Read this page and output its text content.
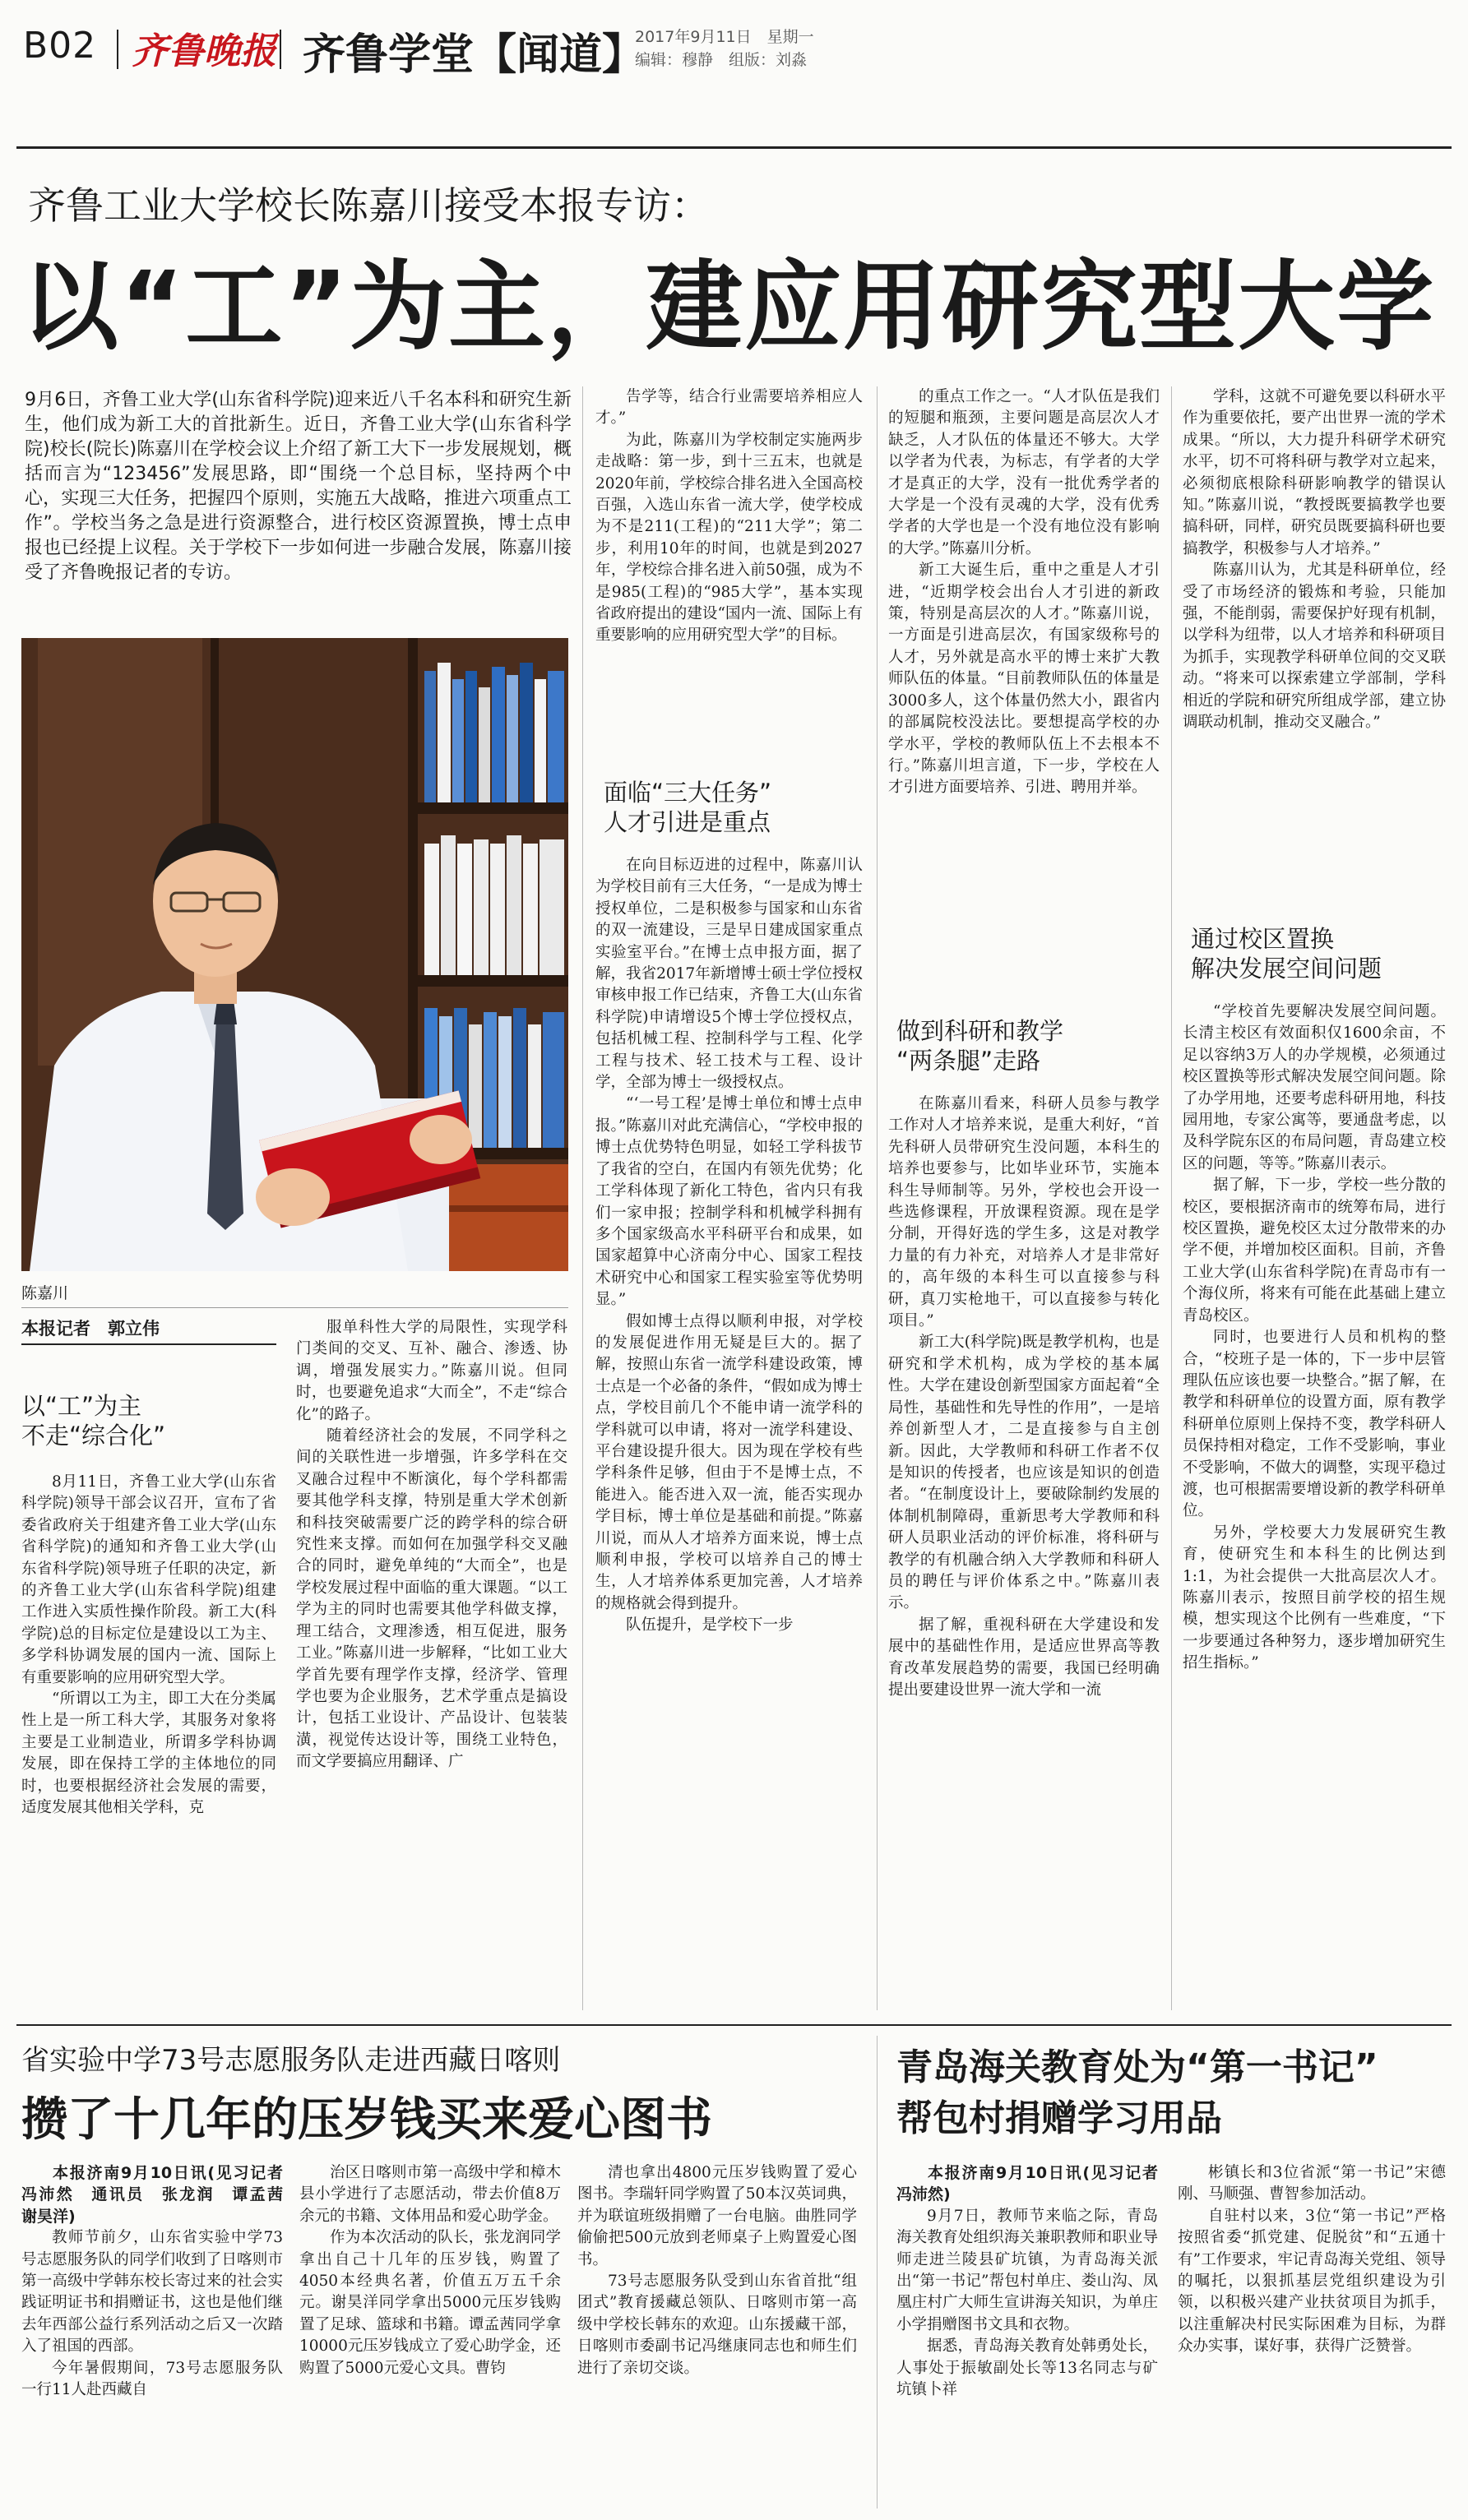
B02 齐鲁晚报 齐鲁学堂【闻道】
2017年9月11日　星期一
编辑：穆静　组版：刘淼
齐鲁工业大学校长陈嘉川接受本报专访：
以“工”为主，建应用研究型大学
9月6日，齐鲁工业大学(山东省科学院)迎来近八千名本科和研究生新生，他们成为新工大的首批新生。近日，齐鲁工业大学(山东省科学院)校长(院长)陈嘉川在学校会议上介绍了新工大下一步发展规划，概括而言为“123456”发展思路，即“围绕一个总目标，坚持两个中心，实现三大任务，把握四个原则，实施五大战略，推进六项重点工作”。学校当务之急是进行资源整合，进行校区资源置换，博士点申报也已经提上议程。关于学校下一步如何进一步融合发展，陈嘉川接受了齐鲁晚报记者的专访。
陈嘉川
本报记者　郭立伟
以“工”为主
不走“综合化”

8月11日，齐鲁工业大学(山东省科学院)领导干部会议召开，宣布了省委省政府关于组建齐鲁工业大学(山东省科学院)的通知和齐鲁工业大学(山东省科学院)领导班子任职的决定，新的齐鲁工业大学(山东省科学院)组建工作进入实质性操作阶段。新工大(科学院)总的目标定位是建设以工为主、多学科协调发展的国内一流、国际上有重要影响的应用研究型大学。

“所谓以工为主，即工大在分类属性上是一所工科大学，其服务对象将主要是工业制造业，所谓多学科协调发展，即在保持工学的主体地位的同时，也要根据经济社会发展的需要，适度发展其他相关学科，克

服单科性大学的局限性，实现学科门类间的交叉、互补、融合、渗透、协调，增强发展实力。”陈嘉川说。但同时，也要避免追求“大而全”，不走“综合化”的路子。

随着经济社会的发展，不同学科之间的关联性进一步增强，许多学科在交叉融合过程中不断演化，每个学科都需要其他学科支撑，特别是重大学术创新和科技突破需要广泛的跨学科的综合研究性来支撑。而如何在加强学科交叉融合的同时，避免单纯的“大而全”，也是学校发展过程中面临的重大课题。“以工学为主的同时也需要其他学科做支撑，理工结合，文理渗透，相互促进，服务工业。”陈嘉川进一步解释，“比如工业大学首先要有理学作支撑，经济学、管理学也要为企业服务，艺术学重点是搞设计，包括工业设计、产品设计、包装装潢，视觉传达设计等，围绕工业特色，而文学要搞应用翻译、广

告学等，结合行业需要培养相应人才。”

为此，陈嘉川为学校制定实施两步走战略：第一步，到十三五末，也就是2020年前，学校综合排名进入全国高校百强，入选山东省一流大学，使学校成为不是211(工程)的“211大学”；第二步，利用10年的时间，也就是到2027年，学校综合排名进入前50强，成为不是985(工程)的“985大学”，基本实现省政府提出的建设“国内一流、国际上有重要影响的应用研究型大学”的目标。

面临“三大任务”
人才引进是重点

在向目标迈进的过程中，陈嘉川认为学校目前有三大任务，“一是成为博士授权单位，二是积极参与国家和山东省的双一流建设，三是早日建成国家重点实验室平台。”在博士点申报方面，据了解，我省2017年新增博士硕士学位授权审核申报工作已结束，齐鲁工大(山东省科学院)申请增设5个博士学位授权点，包括机械工程、控制科学与工程、化学工程与技术、轻工技术与工程、设计学，全部为博士一级授权点。

“‘一号工程’是博士单位和博士点申报。”陈嘉川对此充满信心，“学校申报的博士点优势特色明显，如轻工学科拔节了我省的空白，在国内有领先优势；化工学科体现了新化工特色，省内只有我们一家申报；控制学科和机械学科拥有多个国家级高水平科研平台和成果，如国家超算中心济南分中心、国家工程技术研究中心和国家工程实验室等优势明显。”

假如博士点得以顺利申报，对学校的发展促进作用无疑是巨大的。据了解，按照山东省一流学科建设政策，博士点是一个必备的条件，“假如成为博士点，学校目前几个不能申请一流学科的学科就可以申请，将对一流学科建设、平台建设提升很大。因为现在学校有些学科条件足够，但由于不是博士点，不能进入。能否进入双一流，能否实现办学目标，博士单位是基础和前提。”陈嘉川说，而从人才培养方面来说，博士点顺利申报，学校可以培养自己的博士生，人才培养体系更加完善，人才培养的规格就会得到提升。

队伍提升，是学校下一步

的重点工作之一。“人才队伍是我们的短腿和瓶颈，主要问题是高层次人才缺乏，人才队伍的体量还不够大。大学以学者为代表，为标志，有学者的大学才是真正的大学，没有一批优秀学者的大学是一个没有灵魂的大学，没有优秀学者的大学也是一个没有地位没有影响的大学。”陈嘉川分析。

新工大诞生后，重中之重是人才引进，“近期学校会出台人才引进的新政策，特别是高层次的人才。”陈嘉川说，一方面是引进高层次，有国家级称号的人才，另外就是高水平的博士来扩大教师队伍的体量。“目前教师队伍的体量是3000多人，这个体量仍然大小，跟省内的部属院校没法比。要想提高学校的办学水平，学校的教师队伍上不去根本不行。”陈嘉川坦言道，下一步，学校在人才引进方面要培养、引进、聘用并举。

做到科研和教学
“两条腿”走路

在陈嘉川看来，科研人员参与教学工作对人才培养来说，是重大利好，“首先科研人员带研究生没问题，本科生的培养也要参与，比如毕业环节，实施本科生导师制等。另外，学校也会开设一些选修课程，开放课程资源。现在是学分制，开得好选的学生多，这是对教学力量的有力补充，对培养人才是非常好的，高年级的本科生可以直接参与科研，真刀实枪地干，可以直接参与转化项目。”

新工大(科学院)既是教学机构，也是研究和学术机构，成为学校的基本属性。大学在建设创新型国家方面起着“全局性，基础性和先导性的作用”，一是培养创新型人才，二是直接参与自主创新。因此，大学教师和科研工作者不仅是知识的传授者，也应该是知识的创造者。“在制度设计上，要破除制约发展的体制机制障碍，重新思考大学教师和科研人员职业活动的评价标准，将科研与教学的有机融合纳入大学教师和科研人员的聘任与评价体系之中。”陈嘉川表示。

据了解，重视科研在大学建设和发展中的基础性作用，是适应世界高等教育改革发展趋势的需要，我国已经明确提出要建设世界一流大学和一流

学科，这就不可避免要以科研水平作为重要依托，要产出世界一流的学术成果。“所以，大力提升科研学术研究水平，切不可将科研与教学对立起来，必须彻底根除科研影响教学的错误认知。”陈嘉川说，“教授既要搞教学也要搞科研，同样，研究员既要搞科研也要搞教学，积极参与人才培养。”

陈嘉川认为，尤其是科研单位，经受了市场经济的锻炼和考验，只能加强，不能削弱，需要保护好现有机制，以学科为纽带，以人才培养和科研项目为抓手，实现教学科研单位间的交叉联动。“将来可以探索建立学部制，学科相近的学院和研究所组成学部，建立协调联动机制，推动交叉融合。”

通过校区置换
解决发展空间问题

“学校首先要解决发展空间问题。长清主校区有效面积仅1600余亩，不足以容纳3万人的办学规模，必须通过校区置换等形式解决发展空间问题。除了办学用地，还要考虑科研用地，科技园用地，专家公寓等，要通盘考虑，以及科学院东区的布局问题，青岛建立校区的问题，等等。”陈嘉川表示。

据了解，下一步，学校一些分散的校区，要根据济南市的统筹布局，进行校区置换，避免校区太过分散带来的办学不便，并增加校区面积。目前，齐鲁工业大学(山东省科学院)在青岛市有一个海仪所，将来有可能在此基础上建立青岛校区。

同时，也要进行人员和机构的整合，“校班子是一体的，下一步中层管理队伍应该也要一块整合。”据了解，在教学和科研单位的设置方面，原有教学科研单位原则上保持不变，教学科研人员保持相对稳定，工作不受影响，事业不受影响，不做大的调整，实现平稳过渡，也可根据需要增设新的教学科研单位。

另外，学校要大力发展研究生教育，使研究生和本科生的比例达到1:1，为社会提供一大批高层次人才。陈嘉川表示，按照目前学校的招生规模，想实现这个比例有一些难度，“下一步要通过各种努力，逐步增加研究生招生指标。”

省实验中学73号志愿服务队走进西藏日喀则
攒了十几年的压岁钱买来爱心图书
本报济南9月10日讯(见习记者　冯沛然　通讯员　张龙润　谭孟茜　谢昊洋)

教师节前夕，山东省实验中学73号志愿服务队的同学们收到了日喀则市第一高级中学韩东校长寄过来的社会实践证明证书和捐赠证书，这也是他们继去年西部公益行系列活动之后又一次踏入了祖国的西部。

今年暑假期间，73号志愿服务队一行11人赴西藏自

治区日喀则市第一高级中学和樟木县小学进行了志愿活动，带去价值8万余元的书籍、文体用品和爱心助学金。

作为本次活动的队长，张龙润同学拿出自己十几年的压岁钱，购置了4050本经典名著，价值五万五千余元。谢昊洋同学拿出5000元压岁钱购置了足球、篮球和书籍。谭孟茜同学拿10000元压岁钱成立了爱心助学金，还购置了5000元爱心文具。曹钧

清也拿出4800元压岁钱购置了爱心图书。李瑞轩同学购置了50本汉英词典，并为联谊班级捐赠了一台电脑。曲胜同学偷偷把500元放到老师桌子上购置爱心图书。

73号志愿服务队受到山东省首批“组团式”教育援藏总领队、日喀则市第一高级中学校长韩东的欢迎。山东援藏干部，日喀则市委副书记冯继康同志也和师生们进行了亲切交谈。

青岛海关教育处为“第一书记”
帮包村捐赠学习用品
本报济南9月10日讯(见习记者　冯沛然)

9月7日，教师节来临之际，青岛海关教育处组织海关兼职教师和职业导师走进兰陵县矿坑镇，为青岛海关派出“第一书记”帮包村单庄、娄山沟、凤凰庄村广大师生宣讲海关知识，为单庄小学捐赠图书文具和衣物。

据悉，青岛海关教育处韩勇处长，人事处于振敏副处长等13名同志与矿坑镇卜祥

彬镇长和3位省派“第一书记”宋德刚、马顺强、曹智参加活动。

自驻村以来，3位“第一书记”严格按照省委“抓党建、促脱贫”和“五通十有”工作要求，牢记青岛海关党组、领导的嘱托，以狠抓基层党组织建设为引领，以积极兴建产业扶贫项目为抓手，以注重解决村民实际困难为目标，为群众办实事，谋好事，获得广泛赞誉。
